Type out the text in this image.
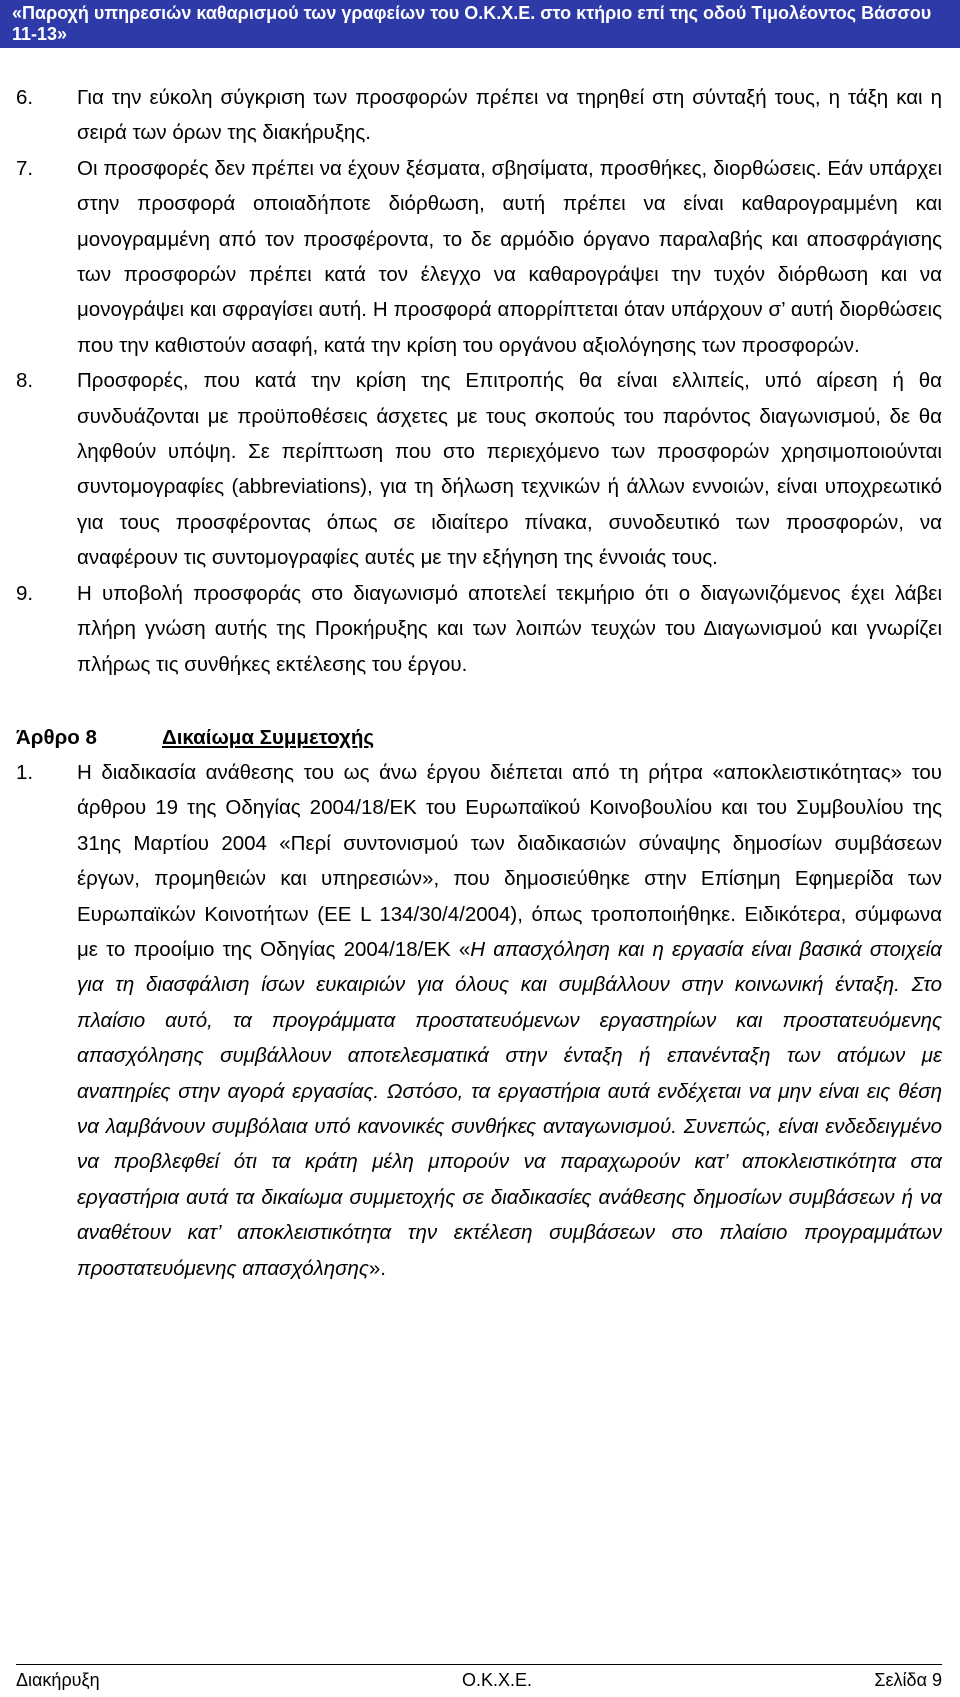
«Παροχή υπηρεσιών καθαρισμού των γραφείων του Ο.Κ.Χ.Ε. στο κτήριο επί της οδού Τιμολέοντος Βάσσου 11-13»

6. Για την εύκολη σύγκριση των προσφορών πρέπει να τηρηθεί στη σύνταξή τους, η τάξη και η σειρά των όρων της διακήρυξης.

7. Οι προσφορές δεν πρέπει να έχουν ξέσματα, σβησίματα, προσθήκες, διορθώσεις. Εάν υπάρχει στην προσφορά οποιαδήποτε διόρθωση, αυτή πρέπει να είναι καθαρογραμμένη και μονογραμμένη από τον προσφέροντα, το δε αρμόδιο όργανο παραλαβής και αποσφράγισης των προσφορών πρέπει κατά τον έλεγχο να καθαρογράψει την τυχόν διόρθωση και να μονογράψει και σφραγίσει αυτή. Η προσφορά απορρίπτεται όταν υπάρχουν σ’ αυτή διορθώσεις που την καθιστούν ασαφή, κατά την κρίση του οργάνου αξιολόγησης των προσφορών.

8. Προσφορές, που κατά την κρίση της Επιτροπής θα είναι ελλιπείς, υπό αίρεση ή θα συνδυάζονται με προϋποθέσεις άσχετες με τους σκοπούς του παρόντος διαγωνισμού, δε θα ληφθούν υπόψη. Σε περίπτωση που στο περιεχόμενο των προσφορών χρησιμοποιούνται συντομογραφίες (abbreviations), για τη δήλωση τεχνικών ή άλλων εννοιών, είναι υποχρεωτικό για τους προσφέροντας όπως σε ιδιαίτερο πίνακα, συνοδευτικό των προσφορών, να αναφέρουν τις συντομογραφίες αυτές με την εξήγηση της έννοιάς τους.

9. Η υποβολή προσφοράς στο διαγωνισμό αποτελεί τεκμήριο ότι ο διαγωνιζόμενος έχει λάβει πλήρη γνώση αυτής της Προκήρυξης και των λοιπών τευχών του Διαγωνισμού και γνωρίζει πλήρως τις συνθήκες εκτέλεσης του έργου.

Άρθρο 8	Δικαίωμα Συμμετοχής

1. Η διαδικασία ανάθεσης του ως άνω έργου διέπεται από τη ρήτρα «αποκλειστικότητας» του άρθρου 19 της Οδηγίας 2004/18/ΕΚ του Ευρωπαϊκού Κοινοβουλίου και του Συμβουλίου της 31ης Μαρτίου 2004 «Περί συντονισμού των διαδικασιών σύναψης δημοσίων συμβάσεων έργων, προμηθειών και υπηρεσιών», που δημοσιεύθηκε στην Επίσημη Εφημερίδα των Ευρωπαϊκών Κοινοτήτων (ΕΕ L 134/30/4/2004), όπως τροποποιήθηκε. Ειδικότερα, σύμφωνα με το προοίμιο της Οδηγίας 2004/18/ΕΚ «Η απασχόληση και η εργασία είναι βασικά στοιχεία για τη διασφάλιση ίσων ευκαιριών για όλους και συμβάλλουν στην κοινωνική ένταξη. Στο πλαίσιο αυτό, τα προγράμματα προστατευόμενων εργαστηρίων και προστατευόμενης απασχόλησης συμβάλλουν αποτελεσματικά στην ένταξη ή επανένταξη των ατόμων με αναπηρίες στην αγορά εργασίας. Ωστόσο, τα εργαστήρια αυτά ενδέχεται να μην είναι εις θέση να λαμβάνουν συμβόλαια υπό κανονικές συνθήκες ανταγωνισμού. Συνεπώς, είναι ενδεδειγμένο να προβλεφθεί ότι τα κράτη μέλη μπορούν να παραχωρούν κατ’ αποκλειστικότητα στα εργαστήρια αυτά τα δικαίωμα συμμετοχής σε διαδικασίες ανάθεσης δημοσίων συμβάσεων ή να αναθέτουν κατ’ αποκλειστικότητα την εκτέλεση συμβάσεων στο πλαίσιο προγραμμάτων προστατευόμενης απασχόλησης».

Διακήρυξη	Ο.Κ.Χ.Ε.	Σελίδα 9
